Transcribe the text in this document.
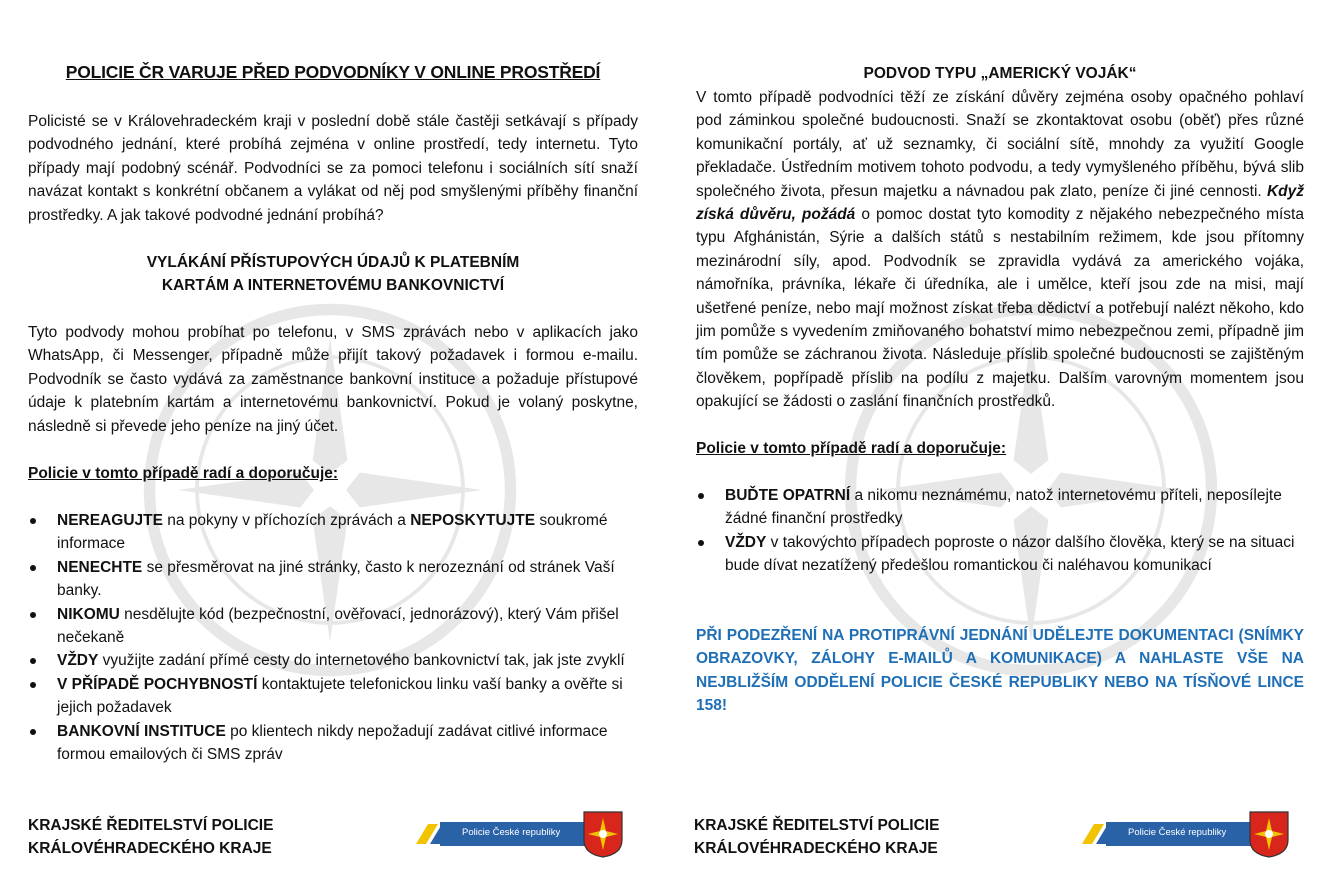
POLICIE ČR VARUJE PŘED PODVODNÍKY V ONLINE PROSTŘEDÍ

Policisté se v Královehradeckém kraji v poslední době stále častěji setkávají s případy podvodného jednání, které probíhá zejména v online prostředí, tedy internetu. Tyto případy mají podobný scénář. Podvodníci se za pomoci telefonu i sociálních sítí snaží navázat kontakt s konkrétní občanem a vylákat od něj pod smyšlenými příběhy finanční prostředky. A jak takové podvodné jednání probíhá?

VYLÁKÁNÍ PŘÍSTUPOVÝCH ÚDAJŮ K PLATEBNÍM
KARTÁM A INTERNETOVÉMU BANKOVNICTVÍ

Tyto podvody mohou probíhat po telefonu, v SMS zprávách nebo v aplikacích jako WhatsApp, či Messenger, případně může přijít takový požadavek i formou e-mailu. Podvodník se často vydává za zaměstnance bankovní instituce a požaduje přístupové údaje k platebním kartám a internetovému bankovnictví. Pokud je volaný poskytne, následně si převede jeho peníze na jiný účet.

Policie v tomto případě radí a doporučuje:
NEREAGUJTE na pokyny v příchozích zprávách a NEPOSKYTUJTE soukromé informace
NENECHTE se přesměrovat na jiné stránky, často k nerozeznání od stránek Vaší banky.
NIKOMU nesdělujte kód (bezpečnostní, ověřovací, jednorázový), který Vám přišel nečekaně
VŽDY využijte zadání přímé cesty do internetového bankovnictví tak, jak jste zvyklí
V PŘÍPADĚ POCHYBNOSTÍ kontaktujete telefonickou linku vaší banky a ověřte si jejich požadavek
BANKOVNÍ INSTITUCE po klientech nikdy nepožadují zadávat citlivé informace formou emailových či SMS zpráv
KRAJSKÉ ŘEDITELSTVÍ POLICIE
KRÁLOVÉHRADECKÉHO KRAJE
Policie České republiky
PODVOD TYPU „AMERICKÝ VOJÁK“

V tomto případě podvodníci těží ze získání důvěry zejména osoby opačného pohlaví pod záminkou společné budoucnosti. Snaží se zkontaktovat osobu (oběť) přes různé komunikační portály, ať už seznamky, či sociální sítě, mnohdy za využití Google překladače. Ústředním motivem tohoto podvodu, a tedy vymyšleného příběhu, bývá slib společného života, přesun majetku a návnadou pak zlato, peníze či jiné cennosti. Když získá důvěru, požádá o pomoc dostat tyto komodity z nějakého nebezpečného místa typu Afghánistán, Sýrie a dalších států s nestabilním režimem, kde jsou přítomny mezinárodní síly, apod. Podvodník se zpravidla vydává za amerického vojáka, námořníka, právníka, lékaře či úředníka, ale i umělce, kteří jsou zde na misi, mají ušetřené peníze, nebo mají možnost získat třeba dědictví a potřebují nalézt někoho, kdo jim pomůže s vyvedením zmiňovaného bohatství mimo nebezpečnou zemi, případně jim tím pomůže se záchranou života. Následuje příslib společné budoucnosti se zajištěným člověkem, popřípadě příslib na podílu z majetku. Dalším varovným momentem jsou opakující se žádosti o zaslání finančních prostředků.

Policie v tomto případě radí a doporučuje:
BUĎTE OPATRNÍ a nikomu neznámému, natož internetovému příteli, neposílejte žádné finanční prostředky
VŽDY v takovýchto případech poproste o názor dalšího člověka, který se na situaci bude dívat nezatížený předešlou romantickou či naléhavou komunikací
PŘI PODEZŘENÍ NA PROTIPRÁVNÍ JEDNÁNÍ UDĚLEJTE DOKUMENTACI (SNÍMKY OBRAZOVKY, ZÁLOHY E-MAILŮ A KOMUNIKACE) A NAHLASTE VŠE NA NEJBLIŽŠÍM ODDĚLENÍ POLICIE ČESKÉ REPUBLIKY NEBO NA TÍSŇOVÉ LINCE 158!
KRAJSKÉ ŘEDITELSTVÍ POLICIE
KRÁLOVÉHRADECKÉHO KRAJE
Policie České republiky
